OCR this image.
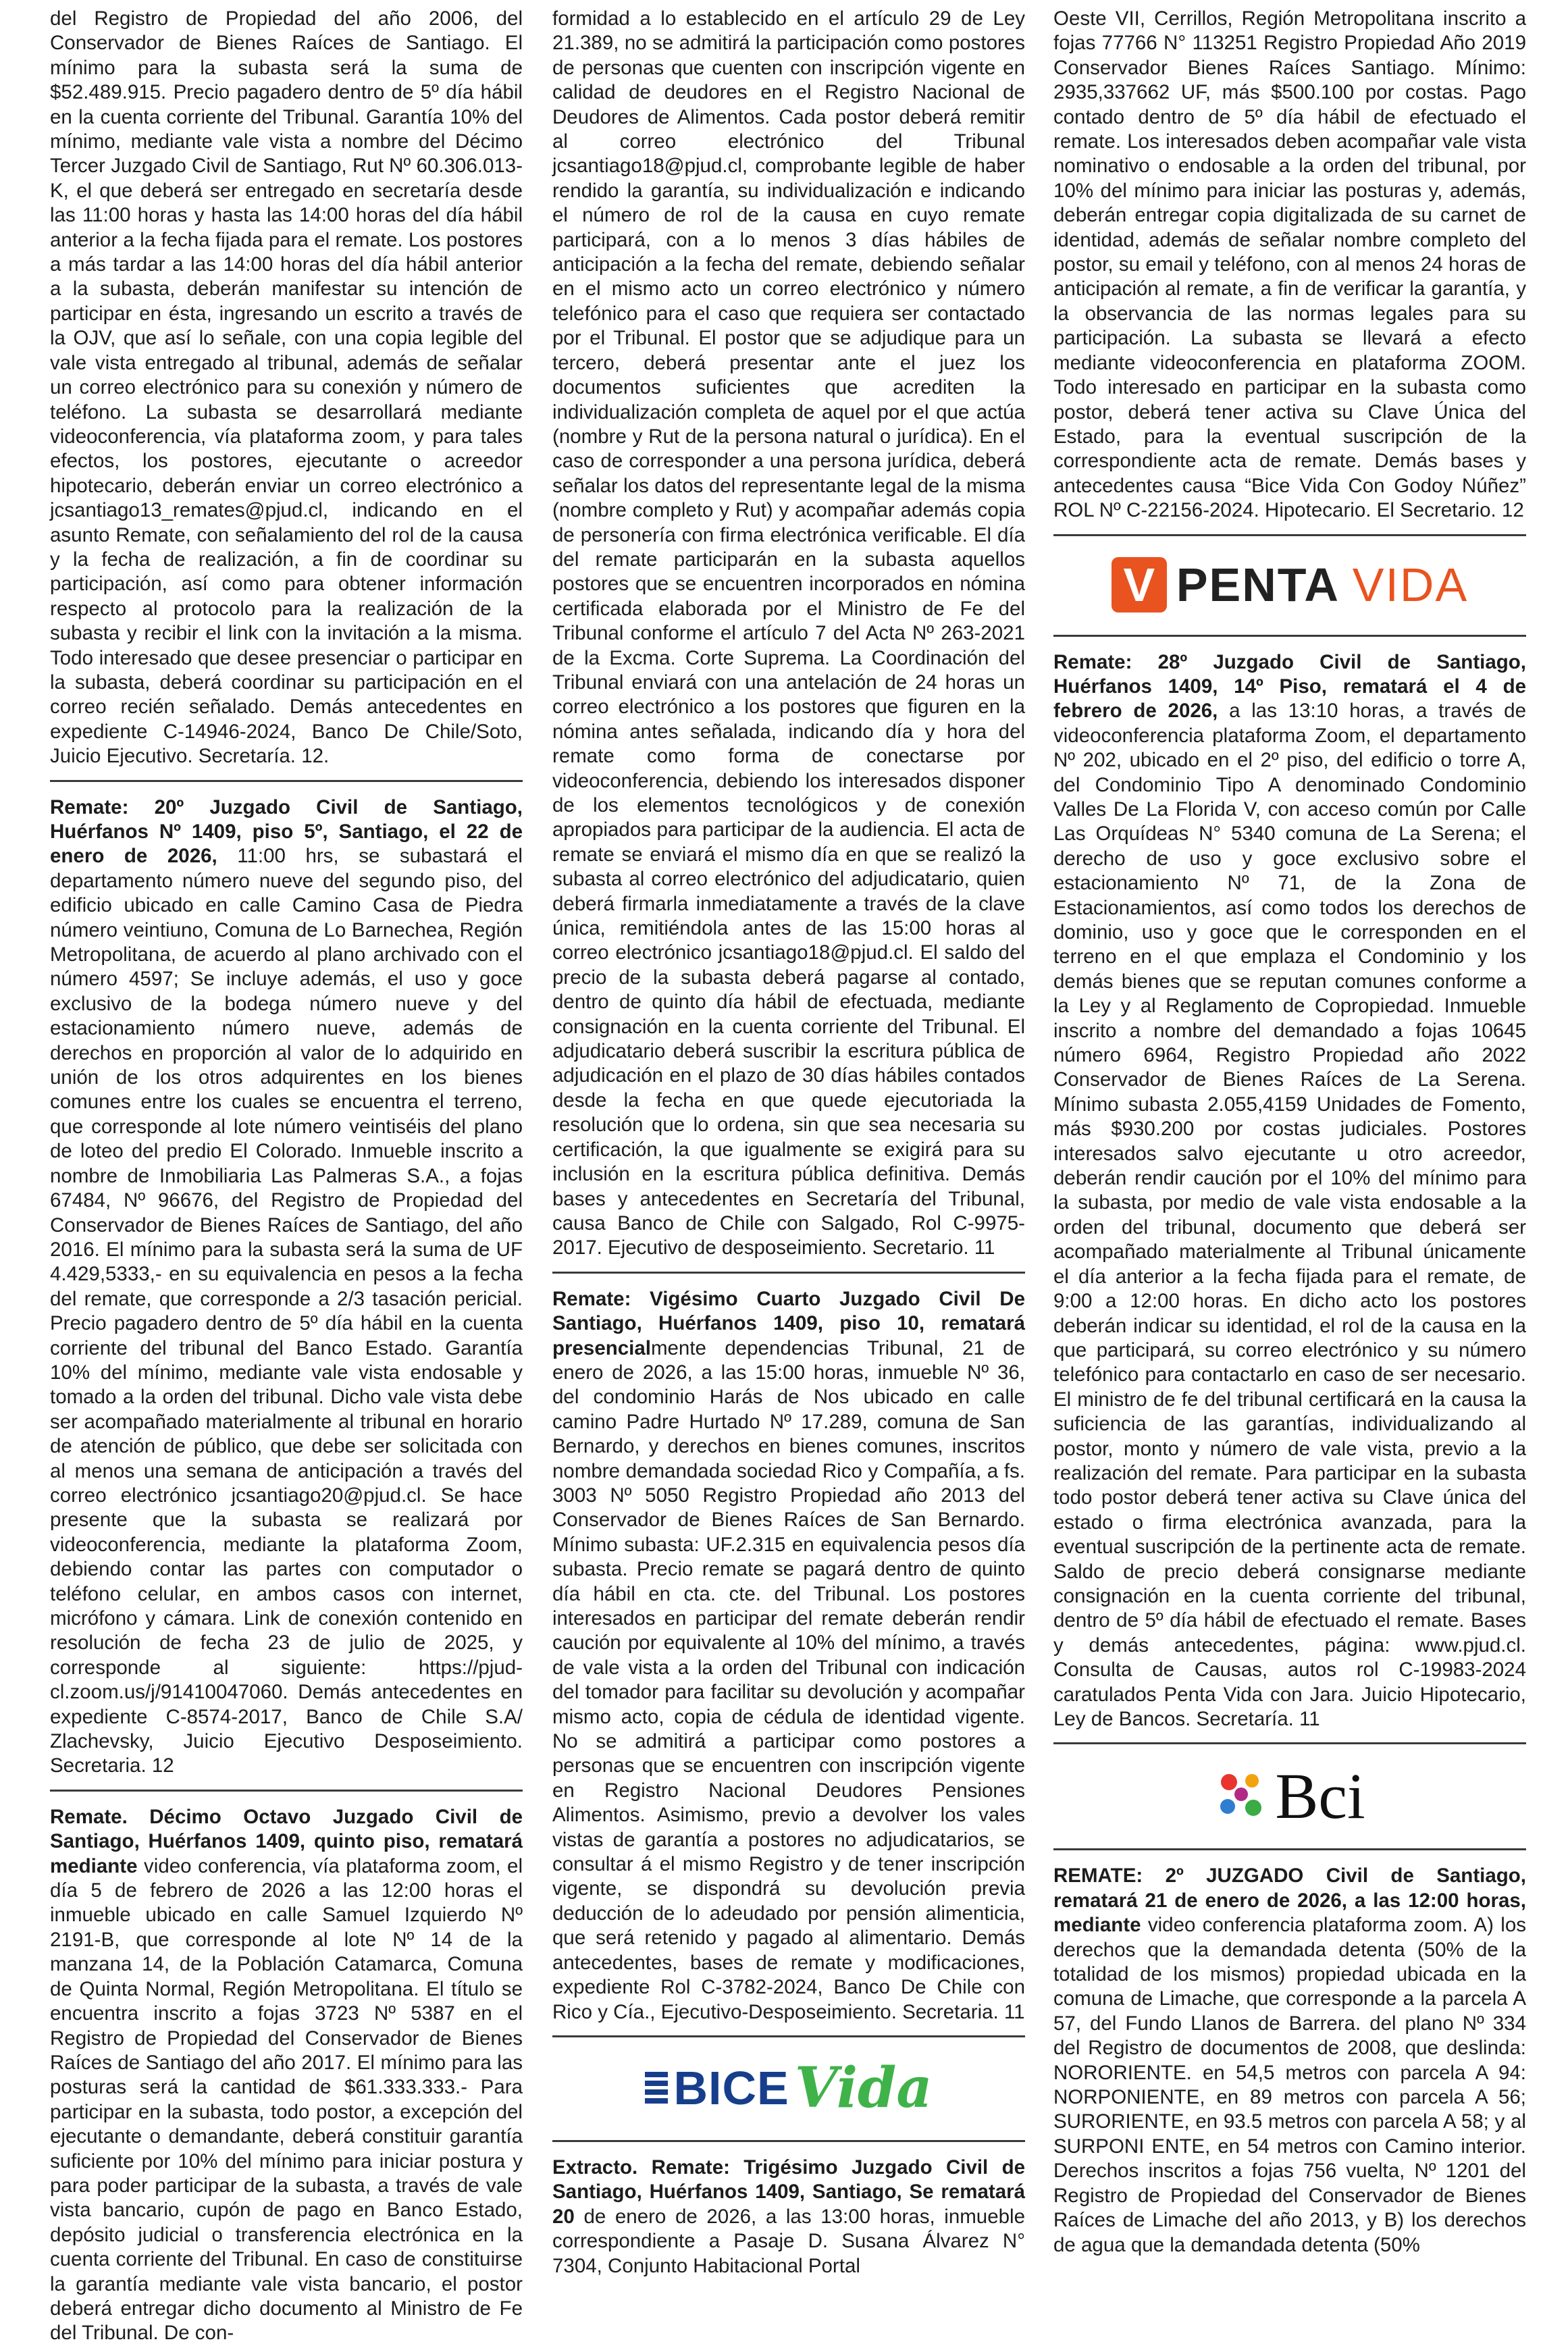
del Registro de Propiedad del año 2006, del Conservador de Bienes Raíces de Santiago. El mínimo para la subasta será la suma de $52.489.915. Precio pagadero dentro de 5º día hábil en la cuenta corriente del Tribunal. Garantía 10% del mínimo, mediante vale vista a nombre del Décimo Tercer Juzgado Civil de Santiago, Rut Nº 60.306.013-K, el que deberá ser entregado en secretaría desde las 11:00 horas y hasta las 14:00 horas del día hábil anterior a la fecha fijada para el remate. Los postores a más tardar a las 14:00 horas del día hábil anterior a la subasta, deberán manifestar su intención de participar en ésta, ingresando un escrito a través de la OJV, que así lo señale, con una copia legible del vale vista entregado al tribunal, además de señalar un correo electrónico para su conexión y número de teléfono. La subasta se desarrollará mediante videoconferencia, vía plataforma zoom, y para tales efectos, los postores, ejecutante o acreedor hipotecario, deberán enviar un correo electrónico a jcsantiago13_remates@pjud.cl, indicando en el asunto Remate, con señalamiento del rol de la causa y la fecha de realización, a fin de coordinar su participación, así como para obtener información respecto al protocolo para la realización de la subasta y recibir el link con la invitación a la misma. Todo interesado que desee presenciar o participar en la subasta, deberá coordinar su participación en el correo recién señalado. Demás antecedentes en expediente C-14946-2024, Banco De Chile/Soto, Juicio Ejecutivo. Secretaría. 12.

Remate: 20º Juzgado Civil de Santiago, Huérfanos Nº 1409, piso 5º, Santiago, el 22 de enero de 2026, 11:00 hrs, se subastará el departamento número nueve del segundo piso, del edificio ubicado en calle Camino Casa de Piedra número veintiuno, Comuna de Lo Barnechea, Región Metropolitana, de acuerdo al plano archivado con el número 4597; Se incluye además, el uso y goce exclusivo de la bodega número nueve y del estacionamiento número nueve, además de derechos en proporción al valor de lo adquirido en unión de los otros adquirentes en los bienes comunes entre los cuales se encuentra el terreno, que corresponde al lote número veintiséis del plano de loteo del predio El Colorado. Inmueble inscrito a nombre de Inmobiliaria Las Palmeras S.A., a fojas 67484, Nº 96676, del Registro de Propiedad del Conservador de Bienes Raíces de Santiago, del año 2016. El mínimo para la subasta será la suma de UF 4.429,5333,- en su equivalencia en pesos a la fecha del remate, que corresponde a 2/3 tasación pericial. Precio pagadero dentro de 5º día hábil en la cuenta corriente del tribunal del Banco Estado. Garantía 10% del mínimo, mediante vale vista endosable y tomado a la orden del tribunal. Dicho vale vista debe ser acompañado materialmente al tribunal en horario de atención de público, que debe ser solicitada con al menos una semana de anticipación a través del correo electrónico jcsantiago20@pjud.cl. Se hace presente que la subasta se realizará por videoconferencia, mediante la plataforma Zoom, debiendo contar las partes con computador o teléfono celular, en ambos casos con internet, micrófono y cámara. Link de conexión contenido en resolución de fecha 23 de julio de 2025, y corresponde al siguiente: https://pjud-cl.zoom.us/j/91410047060. Demás antecedentes en expediente C-8574-2017, Banco de Chile S.A/ Zlachevsky, Juicio Ejecutivo Desposeimiento. Secretaria. 12

Remate. Décimo Octavo Juzgado Civil de Santiago, Huérfanos 1409, quinto piso, rematará mediante video conferencia, vía plataforma zoom, el día 5 de febrero de 2026 a las 12:00 horas el inmueble ubicado en calle Samuel Izquierdo Nº 2191-B, que corresponde al lote Nº 14 de la manzana 14, de la Población Catamarca, Comuna de Quinta Normal, Región Metropolitana. El título se encuentra inscrito a fojas 3723 Nº 5387 en el Registro de Propiedad del Conservador de Bienes Raíces de Santiago del año 2017. El mínimo para las posturas será la cantidad de $61.333.333.- Para participar en la subasta, todo postor, a excepción del ejecutante o demandante, deberá constituir garantía suficiente por 10% del mínimo para iniciar postura y para poder participar de la subasta, a través de vale vista bancario, cupón de pago en Banco Estado, depósito judicial o transferencia electrónica en la cuenta corriente del Tribunal. En caso de constituirse la garantía mediante vale vista bancario, el postor deberá entregar dicho documento al Ministro de Fe del Tribunal. De con-

formidad a lo establecido en el artículo 29 de Ley 21.389, no se admitirá la participación como postores de personas que cuenten con inscripción vigente en calidad de deudores en el Registro Nacional de Deudores de Alimentos. Cada postor deberá remitir al correo electrónico del Tribunal jcsantiago18@pjud.cl, comprobante legible de haber rendido la garantía, su individualización e indicando el número de rol de la causa en cuyo remate participará, con a lo menos 3 días hábiles de anticipación a la fecha del remate, debiendo señalar en el mismo acto un correo electrónico y número telefónico para el caso que requiera ser contactado por el Tribunal. El postor que se adjudique para un tercero, deberá presentar ante el juez los documentos suficientes que acrediten la individualización completa de aquel por el que actúa (nombre y Rut de la persona natural o jurídica). En el caso de corresponder a una persona jurídica, deberá señalar los datos del representante legal de la misma (nombre completo y Rut) y acompañar además copia de personería con firma electrónica verificable. El día del remate participarán en la subasta aquellos postores que se encuentren incorporados en nómina certificada elaborada por el Ministro de Fe del Tribunal conforme el artículo 7 del Acta Nº 263-2021 de la Excma. Corte Suprema. La Coordinación del Tribunal enviará con una antelación de 24 horas un correo electrónico a los postores que figuren en la nómina antes señalada, indicando día y hora del remate como forma de conectarse por videoconferencia, debiendo los interesados disponer de los elementos tecnológicos y de conexión apropiados para participar de la audiencia. El acta de remate se enviará el mismo día en que se realizó la subasta al correo electrónico del adjudicatario, quien deberá firmarla inmediatamente a través de la clave única, remitiéndola antes de las 15:00 horas al correo electrónico jcsantiago18@pjud.cl. El saldo del precio de la subasta deberá pagarse al contado, dentro de quinto día hábil de efectuada, mediante consignación en la cuenta corriente del Tribunal. El adjudicatario deberá suscribir la escritura pública de adjudicación en el plazo de 30 días hábiles contados desde la fecha en que quede ejecutoriada la resolución que lo ordena, sin que sea necesaria su certificación, la que igualmente se exigirá para su inclusión en la escritura pública definitiva. Demás bases y antecedentes en Secretaría del Tribunal, causa Banco de Chile con Salgado, Rol C-9975-2017. Ejecutivo de desposeimiento. Secretario. 11

Remate: Vigésimo Cuarto Juzgado Civil De Santiago, Huérfanos 1409, piso 10, rematará presencialmente dependencias Tribunal, 21 de enero de 2026, a las 15:00 horas, inmueble Nº 36, del condominio Harás de Nos ubicado en calle camino Padre Hurtado Nº 17.289, comuna de San Bernardo, y derechos en bienes comunes, inscritos nombre demandada sociedad Rico y Compañía, a fs. 3003 Nº 5050 Registro Propiedad año 2013 del Conservador de Bienes Raíces de San Bernardo. Mínimo subasta: UF.2.315 en equivalencia pesos día subasta. Precio remate se pagará dentro de quinto día hábil en cta. cte. del Tribunal. Los postores interesados en participar del remate deberán rendir caución por equivalente al 10% del mínimo, a través de vale vista a la orden del Tribunal con indicación del tomador para facilitar su devolución y acompañar mismo acto, copia de cédula de identidad vigente. No se admitirá a participar como postores a personas que se encuentren con inscripción vigente en Registro Nacional Deudores Pensiones Alimentos. Asimismo, previo a devolver los vales vistas de garantía a postores no adjudicatarios, se consultar á el mismo Registro y de tener inscripción vigente, se dispondrá su devolución previa deducción de lo adeudado por pensión alimenticia, que será retenido y pagado al alimentario. Demás antecedentes, bases de remate y modificaciones, expediente Rol C-3782-2024, Banco De Chile con Rico y Cía., Ejecutivo-Desposeimiento. Secretaria. 11

BICE Vida

Extracto. Remate: Trigésimo Juzgado Civil de Santiago, Huérfanos 1409, Santiago, Se rematará 20 de enero de 2026, a las 13:00 horas, inmueble correspondiente a Pasaje D. Susana Álvarez N° 7304, Conjunto Habitacional Portal

Oeste VII, Cerrillos, Región Metropolitana inscrito a fojas 77766 N° 113251 Registro Propiedad Año 2019 Conservador Bienes Raíces Santiago. Mínimo: 2935,337662 UF, más $500.100 por costas. Pago contado dentro de 5º día hábil de efectuado el remate. Los interesados deben acompañar vale vista nominativo o endosable a la orden del tribunal, por 10% del mínimo para iniciar las posturas y, además, deberán entregar copia digitalizada de su carnet de identidad, además de señalar nombre completo del postor, su email y teléfono, con al menos 24 horas de anticipación al remate, a fin de verificar la garantía, y la observancia de las normas legales para su participación. La subasta se llevará a efecto mediante videoconferencia en plataforma ZOOM. Todo interesado en participar en la subasta como postor, deberá tener activa su Clave Única del Estado, para la eventual suscripción de la correspondiente acta de remate. Demás bases y antecedentes causa “Bice Vida Con Godoy Núñez” ROL Nº C-22156-2024. Hipotecario. El Secretario. 12

V PENTA VIDA

Remate: 28º Juzgado Civil de Santiago, Huérfanos 1409, 14º Piso, rematará el 4 de febrero de 2026, a las 13:10 horas, a través de videoconferencia plataforma Zoom, el departamento Nº 202, ubicado en el 2º piso, del edificio o torre A, del Condominio Tipo A denominado Condominio Valles De La Florida V, con acceso común por Calle Las Orquídeas N° 5340 comuna de La Serena; el derecho de uso y goce exclusivo sobre el estacionamiento Nº 71, de la Zona de Estacionamientos, así como todos los derechos de dominio, uso y goce que le corresponden en el terreno en el que emplaza el Condominio y los demás bienes que se reputan comunes conforme a la Ley y al Reglamento de Copropiedad. Inmueble inscrito a nombre del demandado a fojas 10645 número 6964, Registro Propiedad año 2022 Conservador de Bienes Raíces de La Serena. Mínimo subasta 2.055,4159 Unidades de Fomento, más $930.200 por costas judiciales. Postores interesados salvo ejecutante u otro acreedor, deberán rendir caución por el 10% del mínimo para la subasta, por medio de vale vista endosable a la orden del tribunal, documento que deberá ser acompañado materialmente al Tribunal únicamente el día anterior a la fecha fijada para el remate, de 9:00 a 12:00 horas. En dicho acto los postores deberán indicar su identidad, el rol de la causa en la que participará, su correo electrónico y su número telefónico para contactarlo en caso de ser necesario. El ministro de fe del tribunal certificará en la causa la suficiencia de las garantías, individualizando al postor, monto y número de vale vista, previo a la realización del remate. Para participar en la subasta todo postor deberá tener activa su Clave única del estado o firma electrónica avanzada, para la eventual suscripción de la pertinente acta de remate. Saldo de precio deberá consignarse mediante consignación en la cuenta corriente del tribunal, dentro de 5º día hábil de efectuado el remate. Bases y demás antecedentes, página: www.pjud.cl. Consulta de Causas, autos rol C-19983-2024 caratulados Penta Vida con Jara. Juicio Hipotecario, Ley de Bancos. Secretaría. 11

Bci

REMATE: 2º JUZGADO Civil de Santiago, rematará 21 de enero de 2026, a las 12:00 horas, mediante video conferencia plataforma zoom. A) los derechos que la demandada detenta (50% de la totalidad de los mismos) propiedad ubicada en la comuna de Limache, que corresponde a la parcela A 57, del Fundo Llanos de Barrera. del plano Nº 334 del Registro de documentos de 2008, que deslinda: NORORIENTE. en 54,5 metros con parcela A 94: NORPONIENTE, en 89 metros con parcela A 56; SURORIENTE, en 93.5 metros con parcela A 58; y al SURPONI ENTE, en 54 metros con Camino interior. Derechos inscritos a fojas 756 vuelta, Nº 1201 del Registro de Propiedad del Conservador de Bienes Raíces de Limache del año 2013, y B) los derechos de agua que la demandada detenta (50%
